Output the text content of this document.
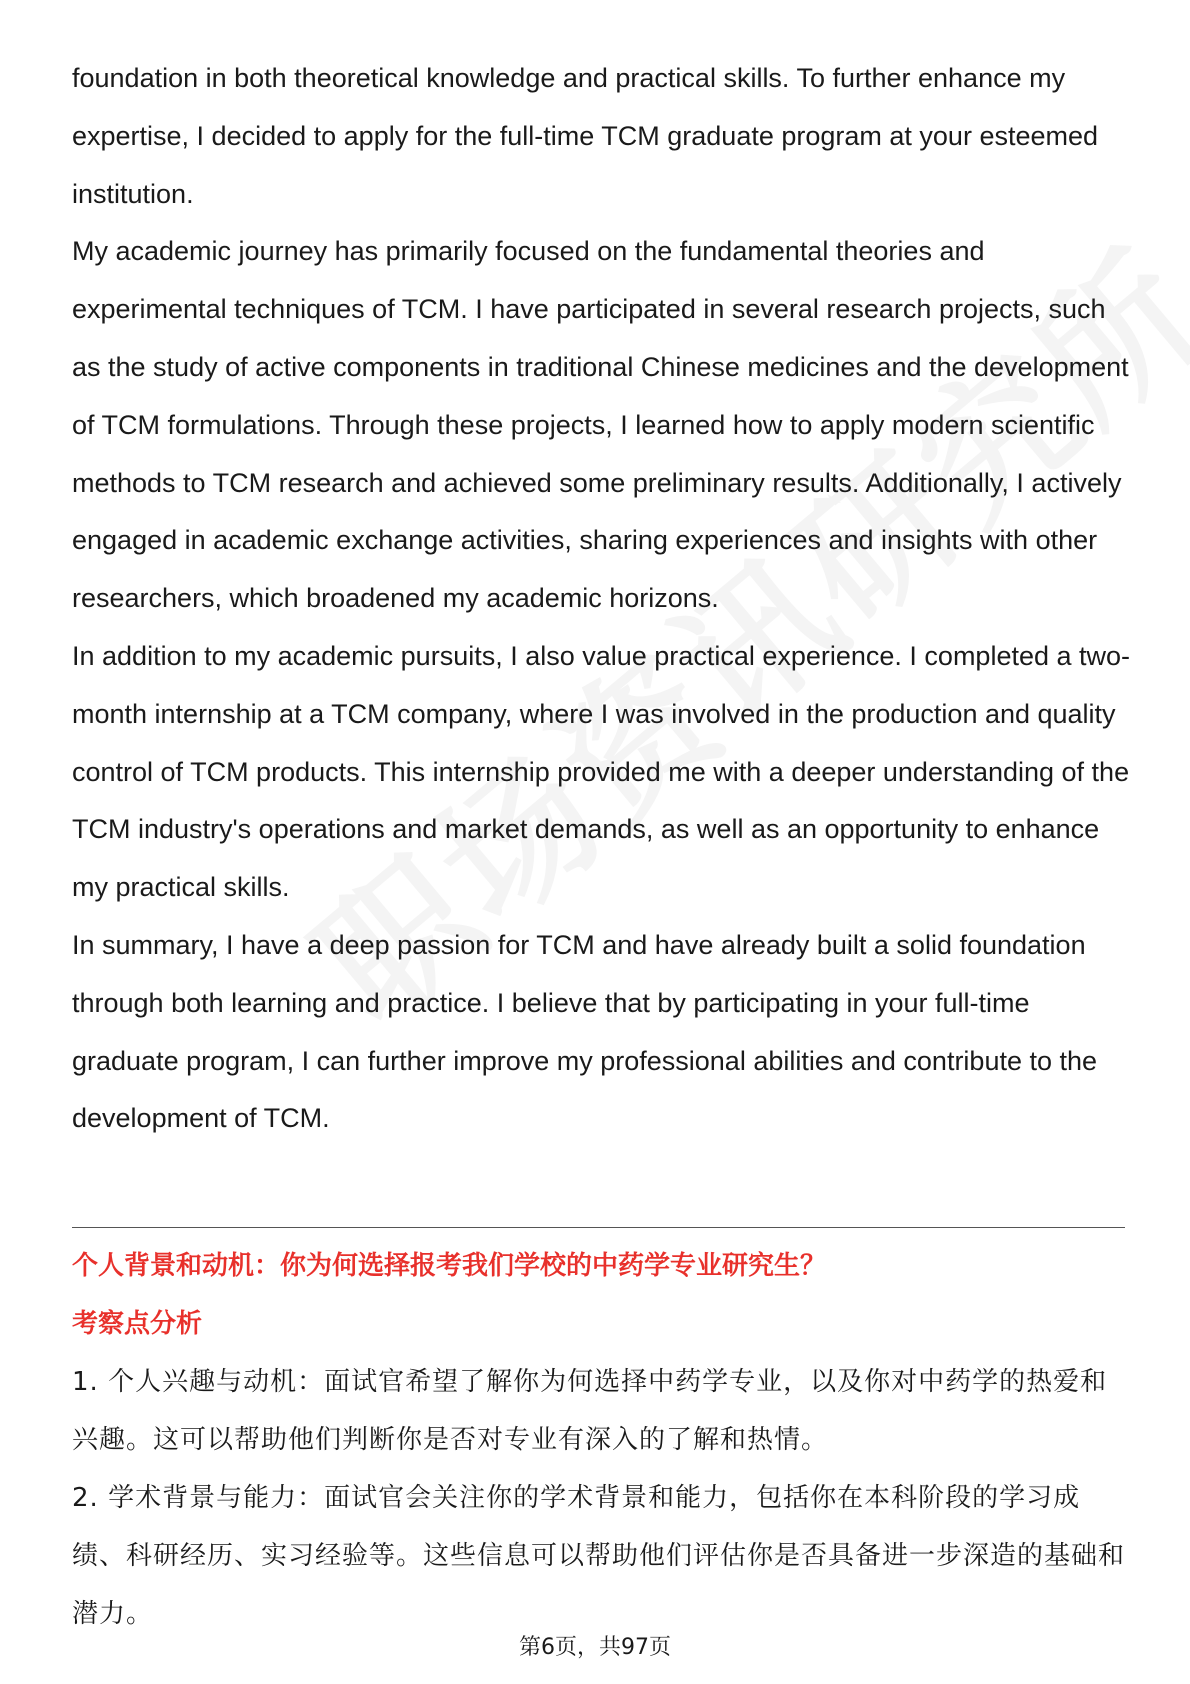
foundation in both theoretical knowledge and practical skills. To further enhance my expertise, I decided to apply for the full-time TCM graduate program at your esteemed institution.

My academic journey has primarily focused on the fundamental theories and experimental techniques of TCM. I have participated in several research projects, such as the study of active components in traditional Chinese medicines and the development of TCM formulations. Through these projects, I learned how to apply modern scientific methods to TCM research and achieved some preliminary results. Additionally, I actively engaged in academic exchange activities, sharing experiences and insights with other researchers, which broadened my academic horizons.

In addition to my academic pursuits, I also value practical experience. I completed a two-month internship at a TCM company, where I was involved in the production and quality control of TCM products. This internship provided me with a deeper understanding of the TCM industry's operations and market demands, as well as an opportunity to enhance my practical skills.

In summary, I have a deep passion for TCM and have already built a solid foundation through both learning and practice. I believe that by participating in your full-time graduate program, I can further improve my professional abilities and contribute to the development of TCM.

个人背景和动机：你为何选择报考我们学校的中药学专业研究生？

考察点分析

1. 个人兴趣与动机：面试官希望了解你为何选择中药学专业，以及你对中药学的热爱和兴趣。这可以帮助他们判断你是否对专业有深入的了解和热情。

2. 学术背景与能力：面试官会关注你的学术背景和能力，包括你在本科阶段的学习成绩、科研经历、实习经验等。这些信息可以帮助他们评估你是否具备进一步深造的基础和潜力。

第6页，共97页
